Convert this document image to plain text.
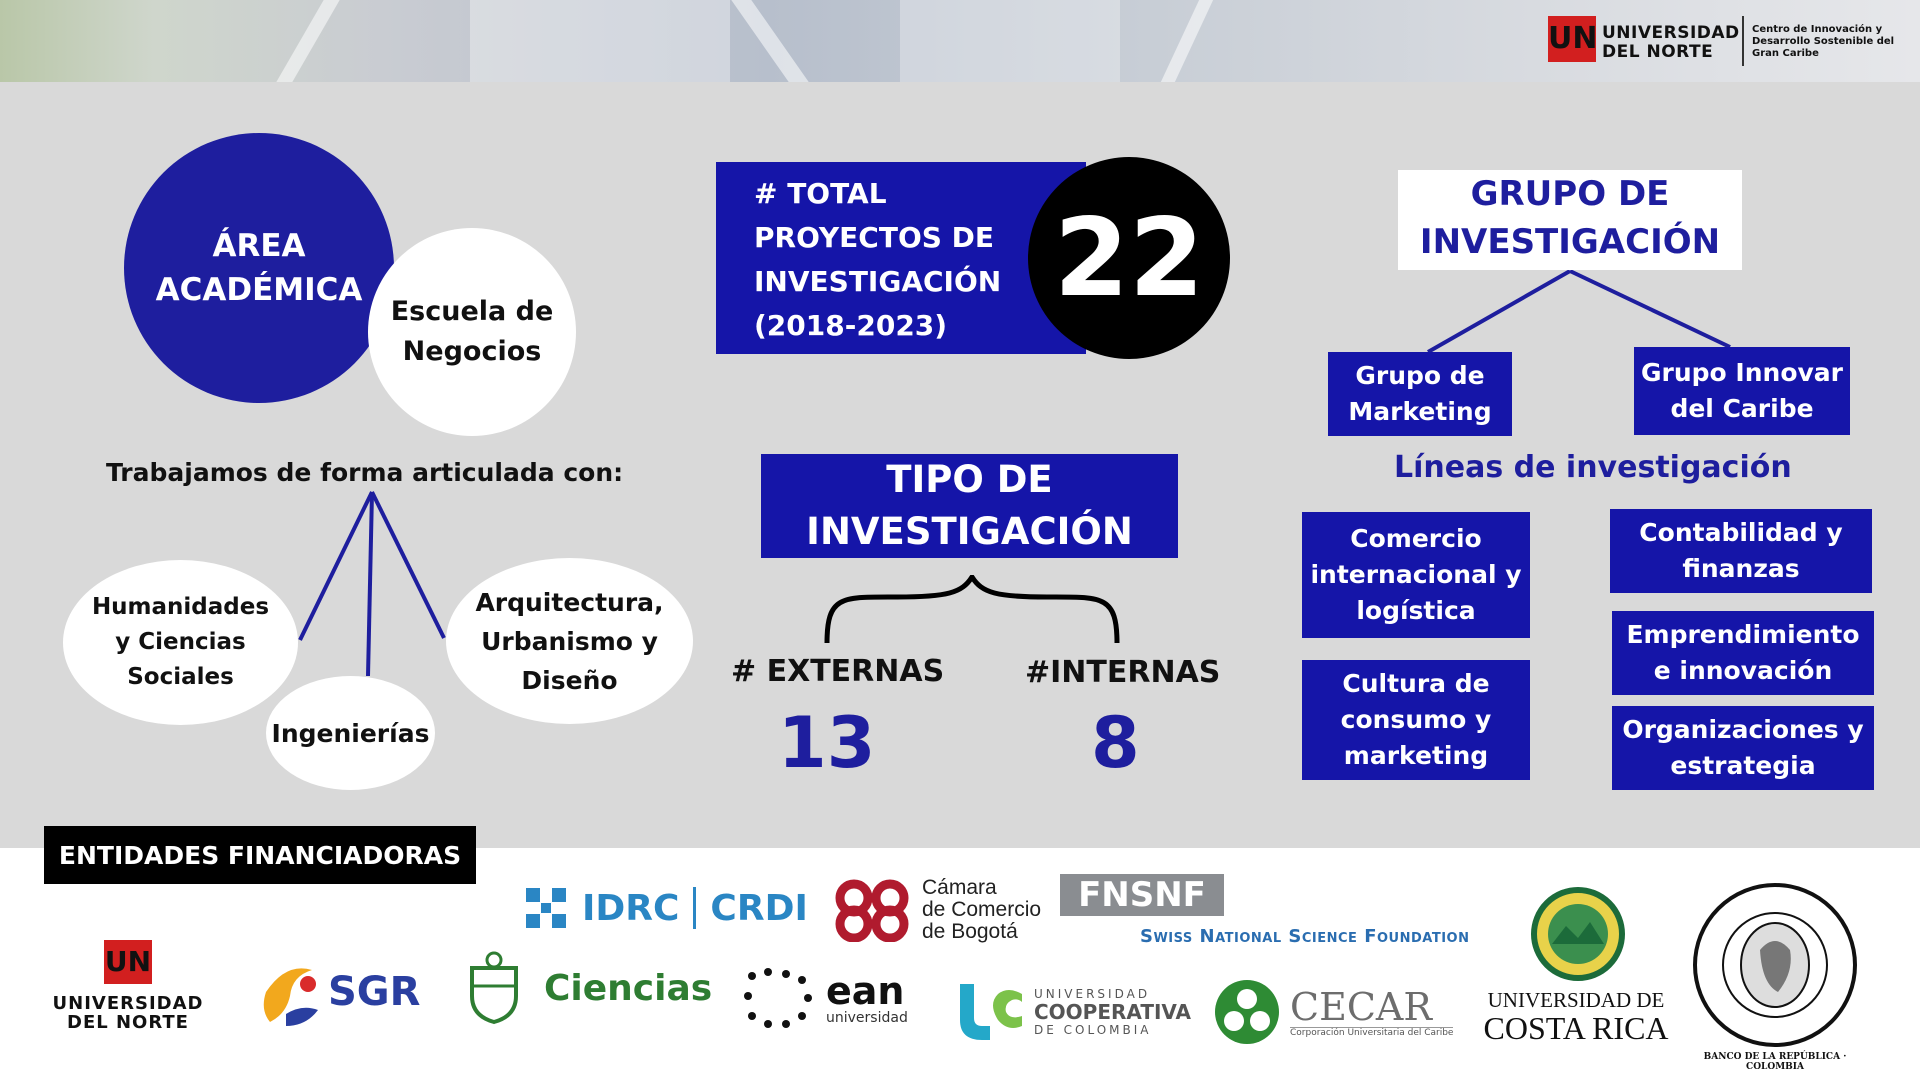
UN UNIVERSIDAD
DEL NORTE
Centro de Innovación y
Desarrollo Sostenible del
Gran Caribe
ÁREA
ACADÉMICA
Escuela de
Negocios
Trabajamos de forma articulada con:
Humanidades
y Ciencias
Sociales
Ingenierías
Arquitectura,
Urbanismo y
Diseño
# TOTAL
PROYECTOS DE
INVESTIGACIÓN
(2018-2023)
22
TIPO DE
INVESTIGACIÓN
# EXTERNAS	#INTERNAS
13	8
GRUPO DE
INVESTIGACIÓN
Grupo de
Marketing
Grupo Innovar
del Caribe
Líneas de investigación
Comercio
internacional y
logística
Cultura de
consumo y
marketing
Contabilidad y
finanzas
Emprendimiento
e innovación
Organizaciones y
estrategia
ENTIDADES FINANCIADORAS
IDRC CRDI	Cámara
de Comercio
de Bogotá
FNSNF
Swiss National Science Foundation
BANCO DE LA REPÚBLICA · COLOMBIA
UN
UNIVERSIDAD
DEL NORTE
SGR	Ciencias	ean
universidad
UNIVERSIDAD
COOPERATIVA
DE COLOMBIA
CECAR
Corporación Universitaria del Caribe
UNIVERSIDAD DE
COSTA RICA
